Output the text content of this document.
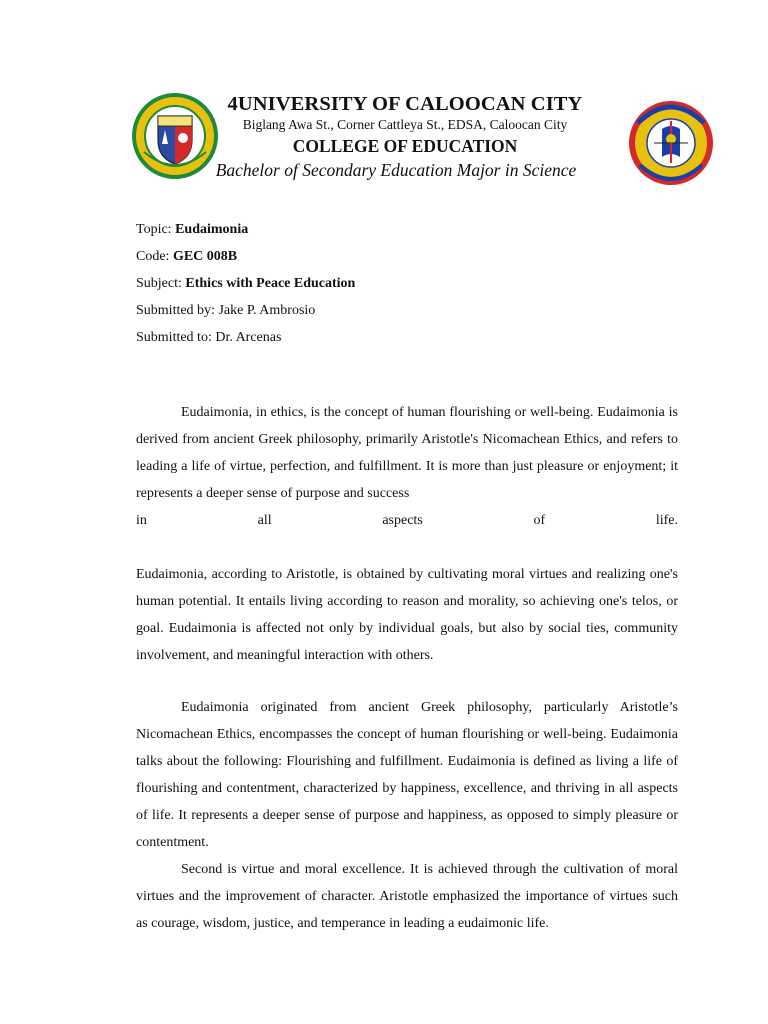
4UNIVERSITY OF CALOOCAN CITY
Biglang Awa St., Corner Cattleya St., EDSA, Caloocan City
COLLEGE OF EDUCATION
Bachelor of Secondary Education Major in Science
Topic: Eudaimonia
Code: GEC 008B
Subject: Ethics with Peace Education
Submitted by: Jake P. Ambrosio
Submitted to: Dr. Arcenas
Eudaimonia, in ethics, is the concept of human flourishing or well-being. Eudaimonia is derived from ancient Greek philosophy, primarily Aristotle's Nicomachean Ethics, and refers to leading a life of virtue, perfection, and fulfillment. It is more than just pleasure or enjoyment; it represents a deeper sense of purpose and success
in all aspects of life.
Eudaimonia, according to Aristotle, is obtained by cultivating moral virtues and realizing one's human potential. It entails living according to reason and morality, so achieving one's telos, or goal. Eudaimonia is affected not only by individual goals, but also by social ties, community involvement, and meaningful interaction with others.
Eudaimonia originated from ancient Greek philosophy, particularly Aristotle’s Nicomachean Ethics, encompasses the concept of human flourishing or well-being. Eudaimonia talks about the following: Flourishing and fulfillment. Eudaimonia is defined as living a life of flourishing and contentment, characterized by happiness, excellence, and thriving in all aspects of life. It represents a deeper sense of purpose and happiness, as opposed to simply pleasure or contentment.
Second is virtue and moral excellence. It is achieved through the cultivation of moral virtues and the improvement of character. Aristotle emphasized the importance of virtues such as courage, wisdom, justice, and temperance in leading a eudaimonic life.
